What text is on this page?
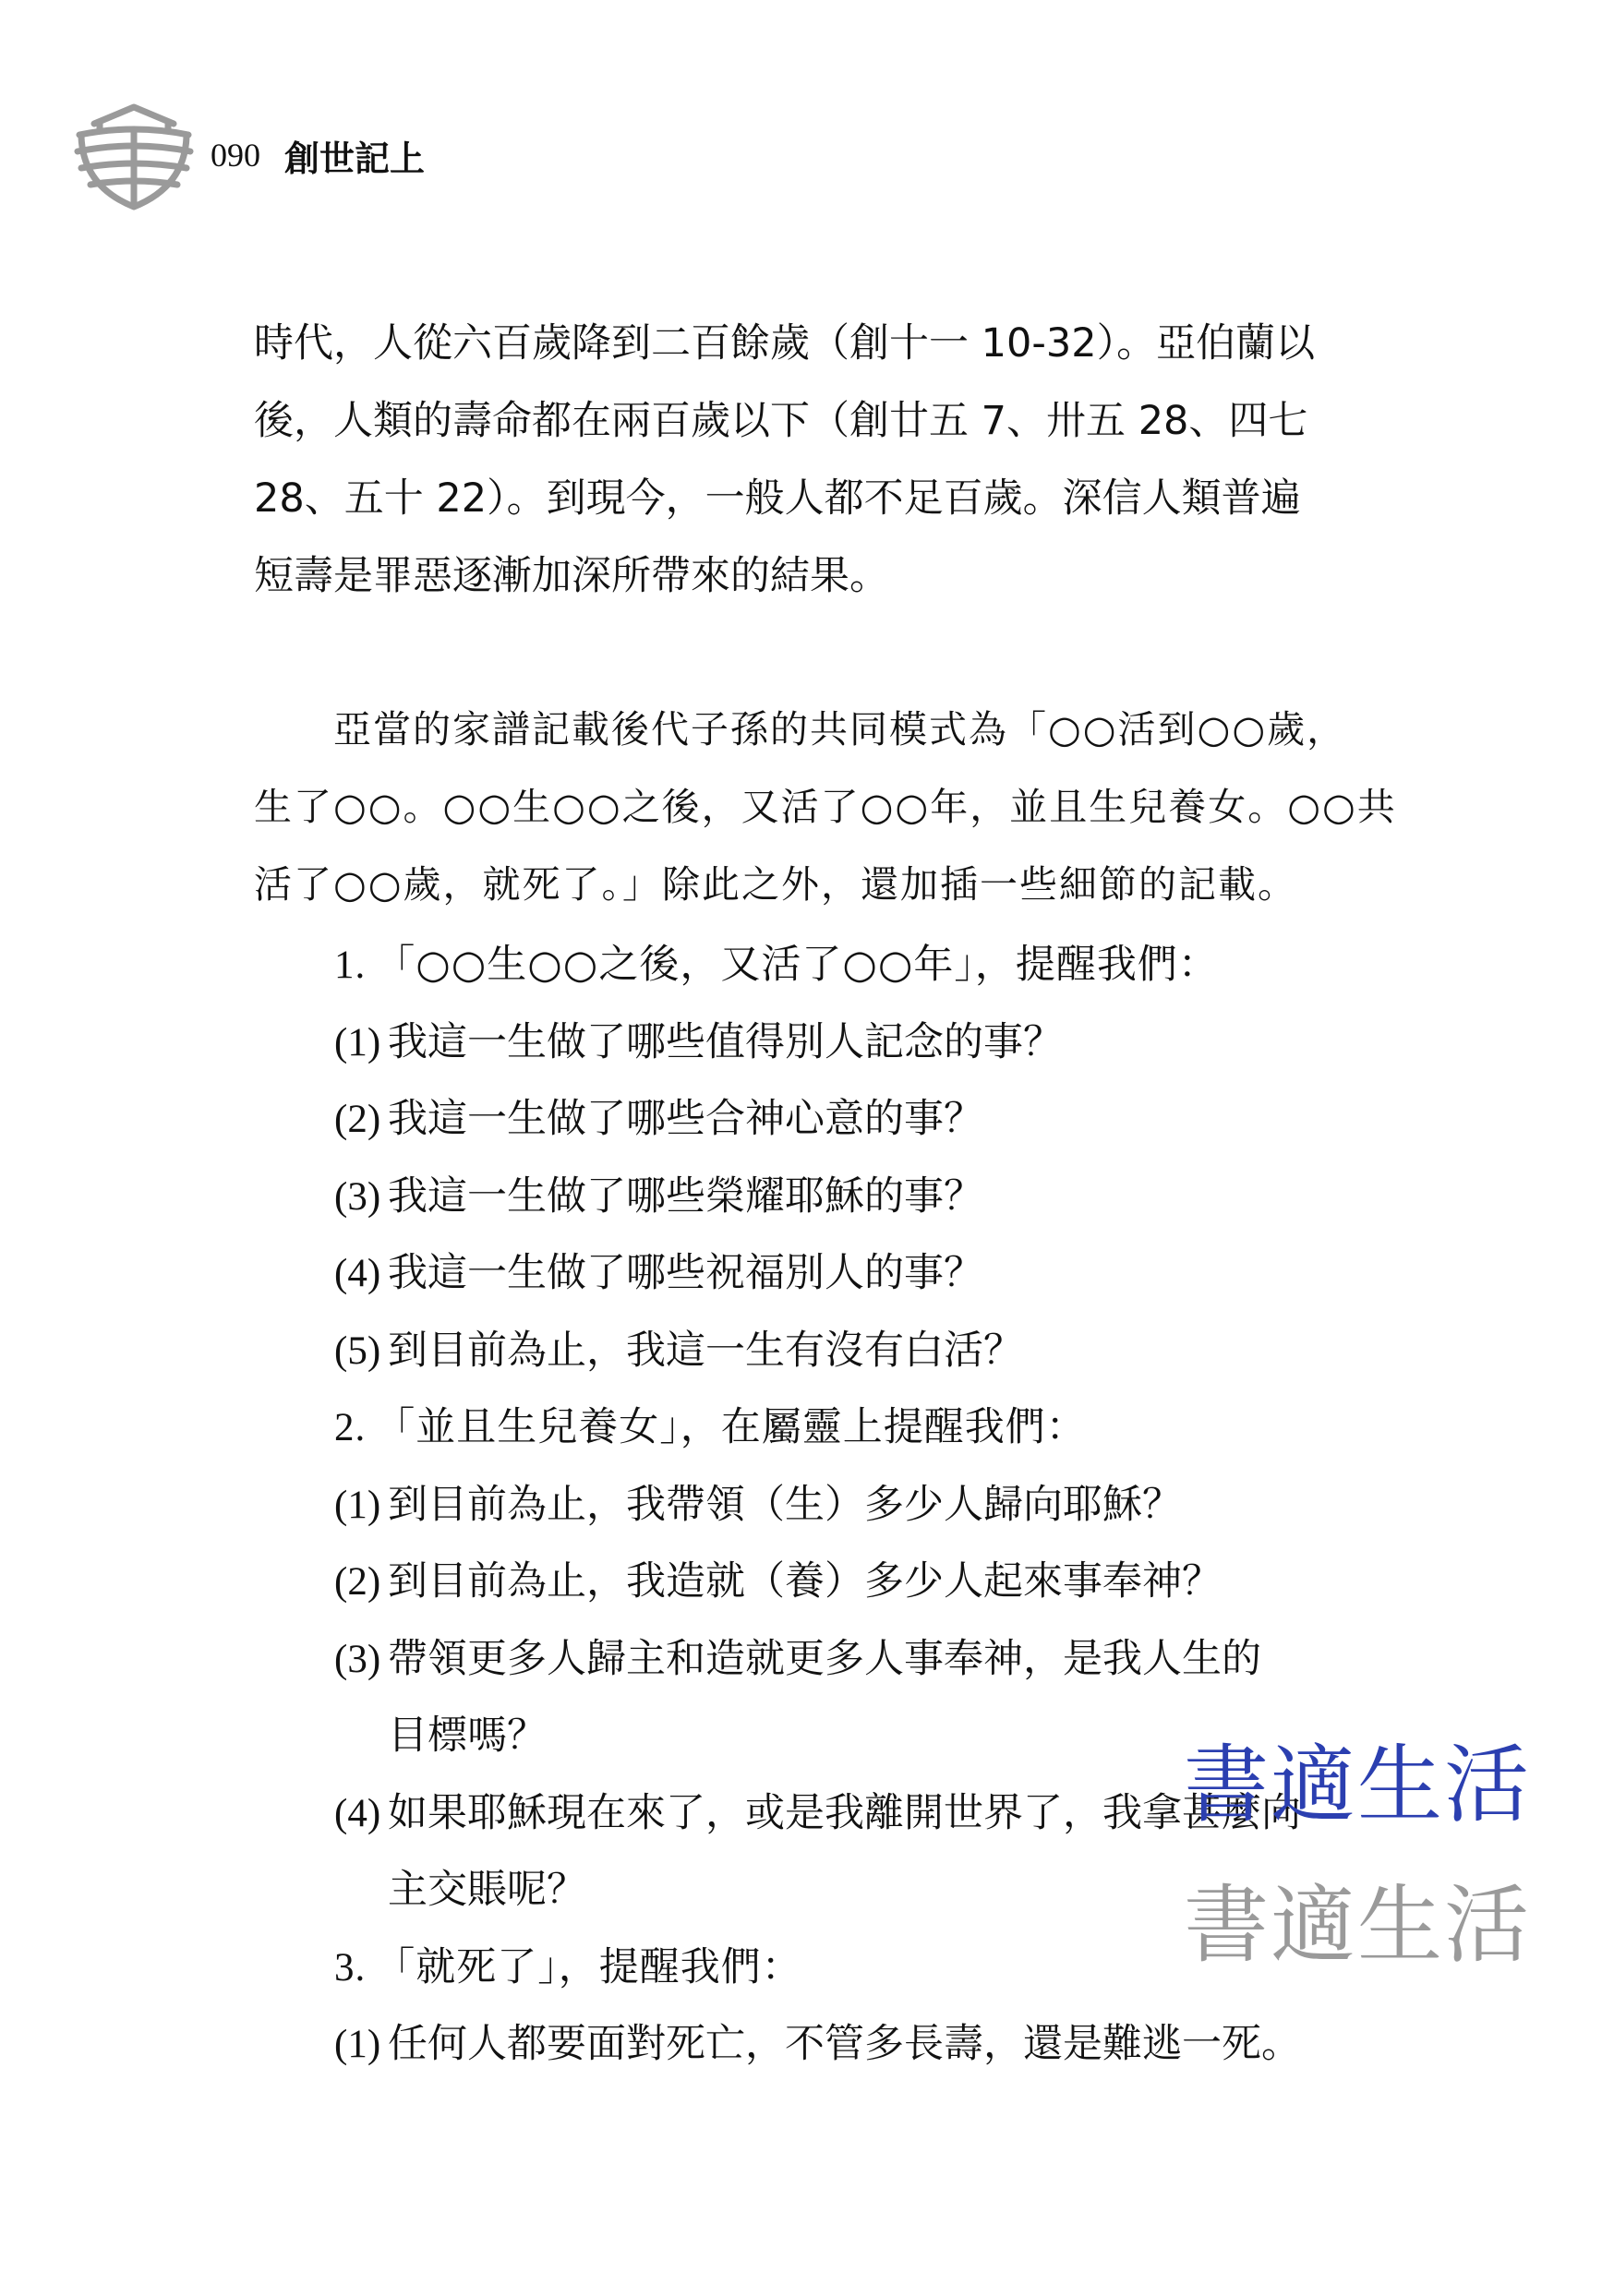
090 創世記上

時代，人從六百歲降到二百餘歲（創十一 10-32）。亞伯蘭以

後，人類的壽命都在兩百歲以下（創廿五 7、卅五 28、四七

28、五十 22）。到現今，一般人都不足百歲。深信人類普遍

短壽是罪惡逐漸加深所帶來的結果。

　　亞當的家譜記載後代子孫的共同模式為「○○活到○○歲，

生了○○。○○生○○之後，又活了○○年，並且生兒養女。○○共

活了○○歲，就死了。」除此之外，還加插一些細節的記載。

1. 「○○生○○之後，又活了○○年」，提醒我們：
(1) 我這一生做了哪些值得別人記念的事？
(2) 我這一生做了哪些合神心意的事？
(3) 我這一生做了哪些榮耀耶穌的事？
(4) 我這一生做了哪些祝福別人的事？
(5) 到目前為止，我這一生有沒有白活？
2. 「並且生兒養女」，在屬靈上提醒我們：
(1) 到目前為止，我帶領（生）多少人歸向耶穌？
(2) 到目前為止，我造就（養）多少人起來事奉神？
(3) 帶領更多人歸主和造就更多人事奉神，是我人生的
目標嗎？
(4) 如果耶穌現在來了，或是我離開世界了，我拿甚麼向
主交賬呢？
3. 「就死了」，提醒我們：
(1) 任何人都要面對死亡，不管多長壽，還是難逃一死。
書適生活
書適生活
